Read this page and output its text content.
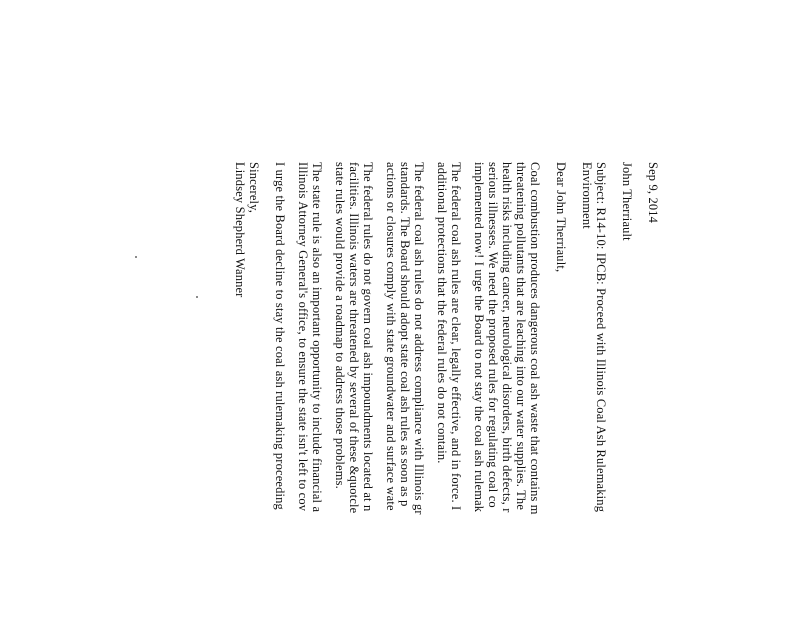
Sep 9, 2014
John Therriault
Subject: R14-10: IPCB: Proceed with Illinois Coal Ash Rulemaking
Environment
Dear John Therriault,
Coal combustion produces dangerous coal ash waste that contains m
threatening pollutants that are leaching into our water supplies. The
health risks including cancer, neurological disorders, birth defects, r
serious illnesses. We need the proposed rules for regulating coal co
implemented now! I urge the Board to not stay the coal ash rulemak
The federal coal ash rules are clear, legally effective, and in force. I
additional protections that the federal rules do not contain.
The federal coal ash rules do not address compliance with Illinois gr
standards. The Board should adopt state coal ash rules as soon as p
actions or closures comply with state groundwater and surface wate
The federal rules do not govern coal ash impoundments located at n
facilities. Illinois waters are threatened by several of these &quotcle
state rules would provide a roadmap to address those problems.
The state rule is also an important opportunity to include financial a
Illinois Attorney General's office, to ensure the state isn't left to cov
I urge the Board decline to stay the coal ash rulemaking proceeding
Sincerely,
Lindsey Shepherd Wanner
